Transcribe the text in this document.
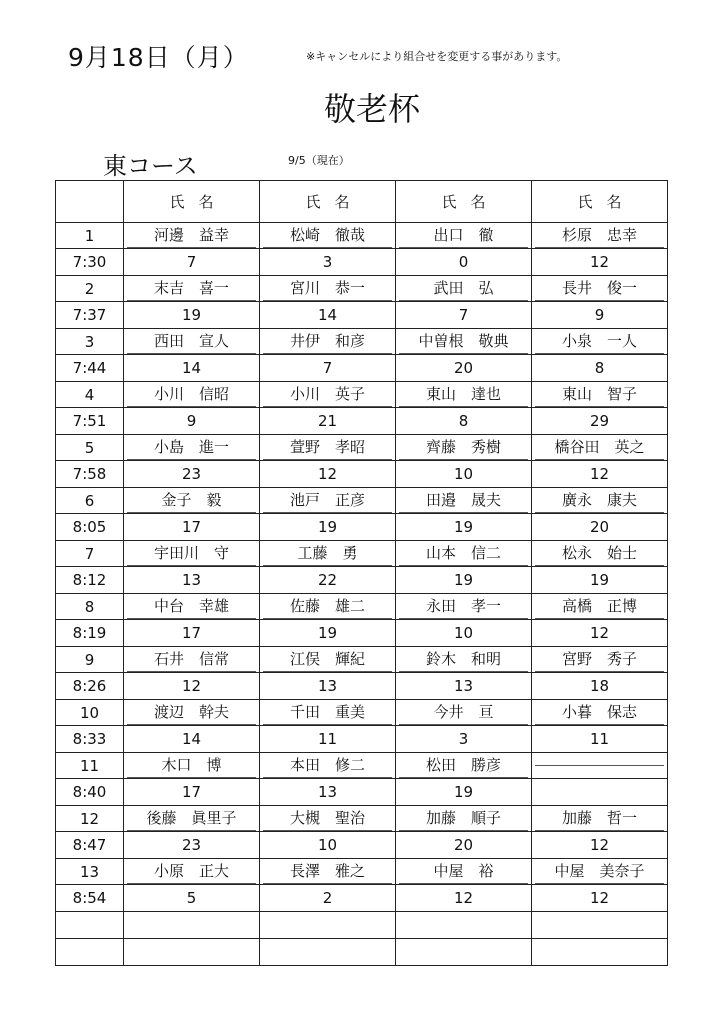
9月18日（月）	※キャンセルにより組合せを変更する事があります。
敬老杯
東コース	9/5（現在）
	氏名	氏名	氏名	氏名
1	河邊　益幸	松崎　徹哉	出口　徹	杉原　忠幸

7:30	7	3	0	12

2	末吉　喜一	宮川　恭一	武田　弘	長井　俊一

7:37	19	14	7	9

3	西田　宣人	井伊　和彦	中曽根　敬典	小泉　一人

7:44	14	7	20	8

4	小川　信昭	小川　英子	東山　達也	東山　智子

7:51	9	21	8	29

5	小島　進一	萱野　孝昭	齊藤　秀樹	橋谷田　英之

7:58	23	12	10	12

6	金子　毅	池戸　正彦	田邉　晟夫	廣永　康夫

8:05	17	19	19	20

7	宇田川　守	工藤　勇	山本　信二	松永　始士

8:12	13	22	19	19

8	中台　幸雄	佐藤　雄二	永田　孝一	高橋　正博

8:19	17	19	10	12

9	石井　信常	江俣　輝紀	鈴木　和明	宮野　秀子

8:26	12	13	13	18

10	渡辺　幹夫	千田　重美	今井　亘	小暮　保志

8:33	14	11	3	11

11	木口　博	本田　修二	松田　勝彦	

8:40	17	13	19	

12	後藤　眞里子	大槻　聖治	加藤　順子	加藤　哲一

8:47	23	10	20	12

13	小原　正大	長澤　雅之	中屋　裕	中屋　美奈子

8:54	5	2	12	12
